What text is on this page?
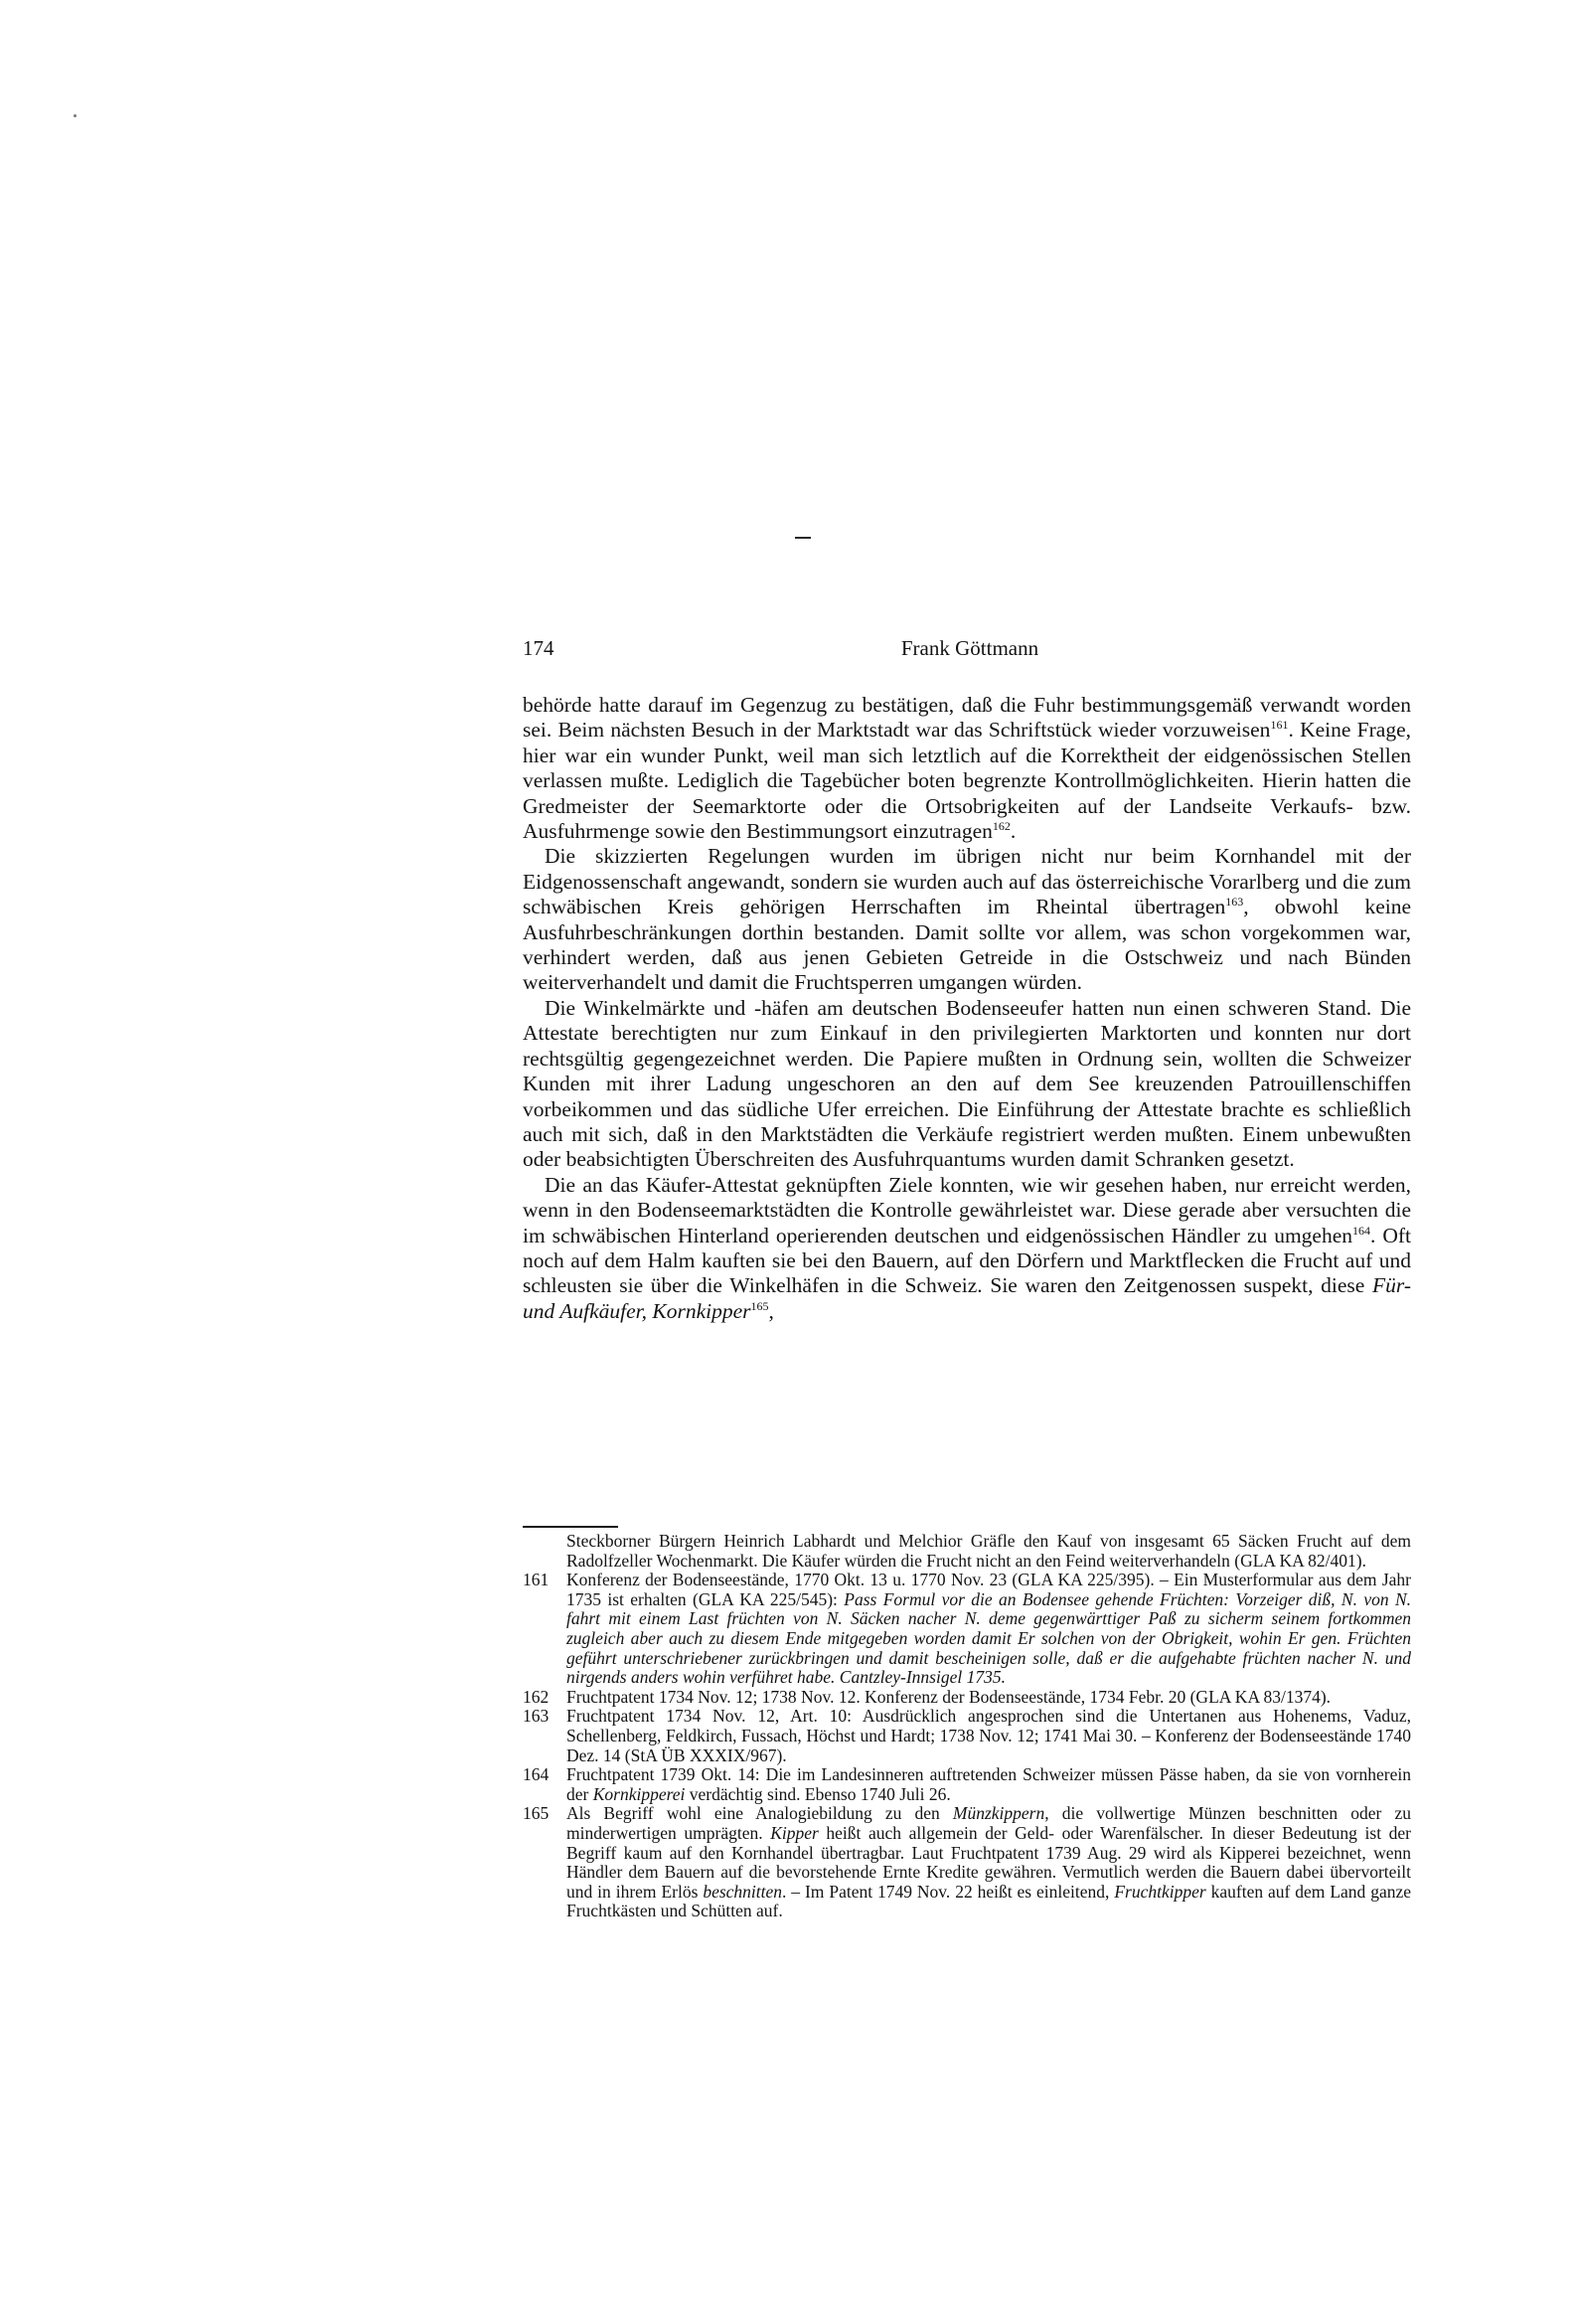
174	Frank Göttmann

behörde hatte darauf im Gegenzug zu bestätigen, daß die Fuhr bestimmungsgemäß verwandt worden sei. Beim nächsten Besuch in der Marktstadt war das Schriftstück wieder vorzuweisen$^{161}$. Keine Frage, hier war ein wunder Punkt, weil man sich letztlich auf die Korrektheit der eidgenössischen Stellen verlassen mußte. Lediglich die Tagebücher boten begrenzte Kontrollmöglichkeiten. Hierin hatten die Gredmeister der Seemarktorte oder die Ortsobrigkeiten auf der Landseite Verkaufs- bzw. Ausfuhrmenge sowie den Bestimmungsort einzutragen$^{162}$.

Die skizzierten Regelungen wurden im übrigen nicht nur beim Kornhandel mit der Eidgenossenschaft angewandt, sondern sie wurden auch auf das österreichische Vorarlberg und die zum schwäbischen Kreis gehörigen Herrschaften im Rheintal übertragen$^{163}$, obwohl keine Ausfuhrbeschränkungen dorthin bestanden. Damit sollte vor allem, was schon vorgekommen war, verhindert werden, daß aus jenen Gebieten Getreide in die Ostschweiz und nach Bünden weiterverhandelt und damit die Fruchtsperren umgangen würden.

Die Winkelmärkte und -häfen am deutschen Bodenseeufer hatten nun einen schweren Stand. Die Attestate berechtigten nur zum Einkauf in den privilegierten Marktorten und konnten nur dort rechtsgültig gegengezeichnet werden. Die Papiere mußten in Ordnung sein, wollten die Schweizer Kunden mit ihrer Ladung ungeschoren an den auf dem See kreuzenden Patrouillenschiffen vorbeikommen und das südliche Ufer erreichen. Die Einführung der Attestate brachte es schließlich auch mit sich, daß in den Marktstädten die Verkäufe registriert werden mußten. Einem unbewußten oder beabsichtigten Überschreiten des Ausfuhrquantums wurden damit Schranken gesetzt.

Die an das Käufer-Attestat geknüpften Ziele konnten, wie wir gesehen haben, nur erreicht werden, wenn in den Bodenseemarktstädten die Kontrolle gewährleistet war. Diese gerade aber versuchten die im schwäbischen Hinterland operierenden deutschen und eidgenössischen Händler zu umgehen$^{164}$. Oft noch auf dem Halm kauften sie bei den Bauern, auf den Dörfern und Marktflecken die Frucht auf und schleusten sie über die Winkelhäfen in die Schweiz. Sie waren den Zeitgenossen suspekt, diese Für- und Aufkäufer, Kornkipper$^{165}$,

Steckborner Bürgern Heinrich Labhardt und Melchior Gräfle den Kauf von insgesamt 65 Säcken Frucht auf dem Radolfzeller Wochenmarkt. Die Käufer würden die Frucht nicht an den Feind weiterverhandeln (GLA KA 82/401).
161 Konferenz der Bodenseestände, 1770 Okt. 13 u. 1770 Nov. 23 (GLA KA 225/395). – Ein Musterformular aus dem Jahr 1735 ist erhalten (GLA KA 225/545): Pass Formul vor die an Bodensee gehende Früchten: Vorzeiger diß, N. von N. fahrt mit einem Last früchten von N. Säcken nacher N. deme gegenwärttiger Paß zu sicherm seinem fortkommen zugleich aber auch zu diesem Ende mitgegeben worden damit Er solchen von der Obrigkeit, wohin Er gen. Früchten geführt unterschriebener zurückbringen und damit bescheinigen solle, daß er die aufgehabte früchten nacher N. und nirgends anders wohin verführet habe. Cantzley-Innsigel 1735.
162 Fruchtpatent 1734 Nov. 12; 1738 Nov. 12. Konferenz der Bodenseestände, 1734 Febr. 20 (GLA KA 83/1374).
163 Fruchtpatent 1734 Nov. 12, Art. 10: Ausdrücklich angesprochen sind die Untertanen aus Hohenems, Vaduz, Schellenberg, Feldkirch, Fussach, Höchst und Hardt; 1738 Nov. 12; 1741 Mai 30. – Konferenz der Bodenseestände 1740 Dez. 14 (StA ÜB XXXIX/967).
164 Fruchtpatent 1739 Okt. 14: Die im Landesinneren auftretenden Schweizer müssen Pässe haben, da sie von vornherein der Kornkipperei verdächtig sind. Ebenso 1740 Juli 26.
165 Als Begriff wohl eine Analogiebildung zu den Münzkippern, die vollwertige Münzen beschnitten oder zu minderwertigen umprägten. Kipper heißt auch allgemein der Geld- oder Warenfälscher. In dieser Bedeutung ist der Begriff kaum auf den Kornhandel übertragbar. Laut Fruchtpatent 1739 Aug. 29 wird als Kipperei bezeichnet, wenn Händler dem Bauern auf die bevorstehende Ernte Kredite gewähren. Vermutlich werden die Bauern dabei übervorteilt und in ihrem Erlös beschnitten. – Im Patent 1749 Nov. 22 heißt es einleitend, Fruchtkipper kauften auf dem Land ganze Fruchtkästen und Schütten auf.
